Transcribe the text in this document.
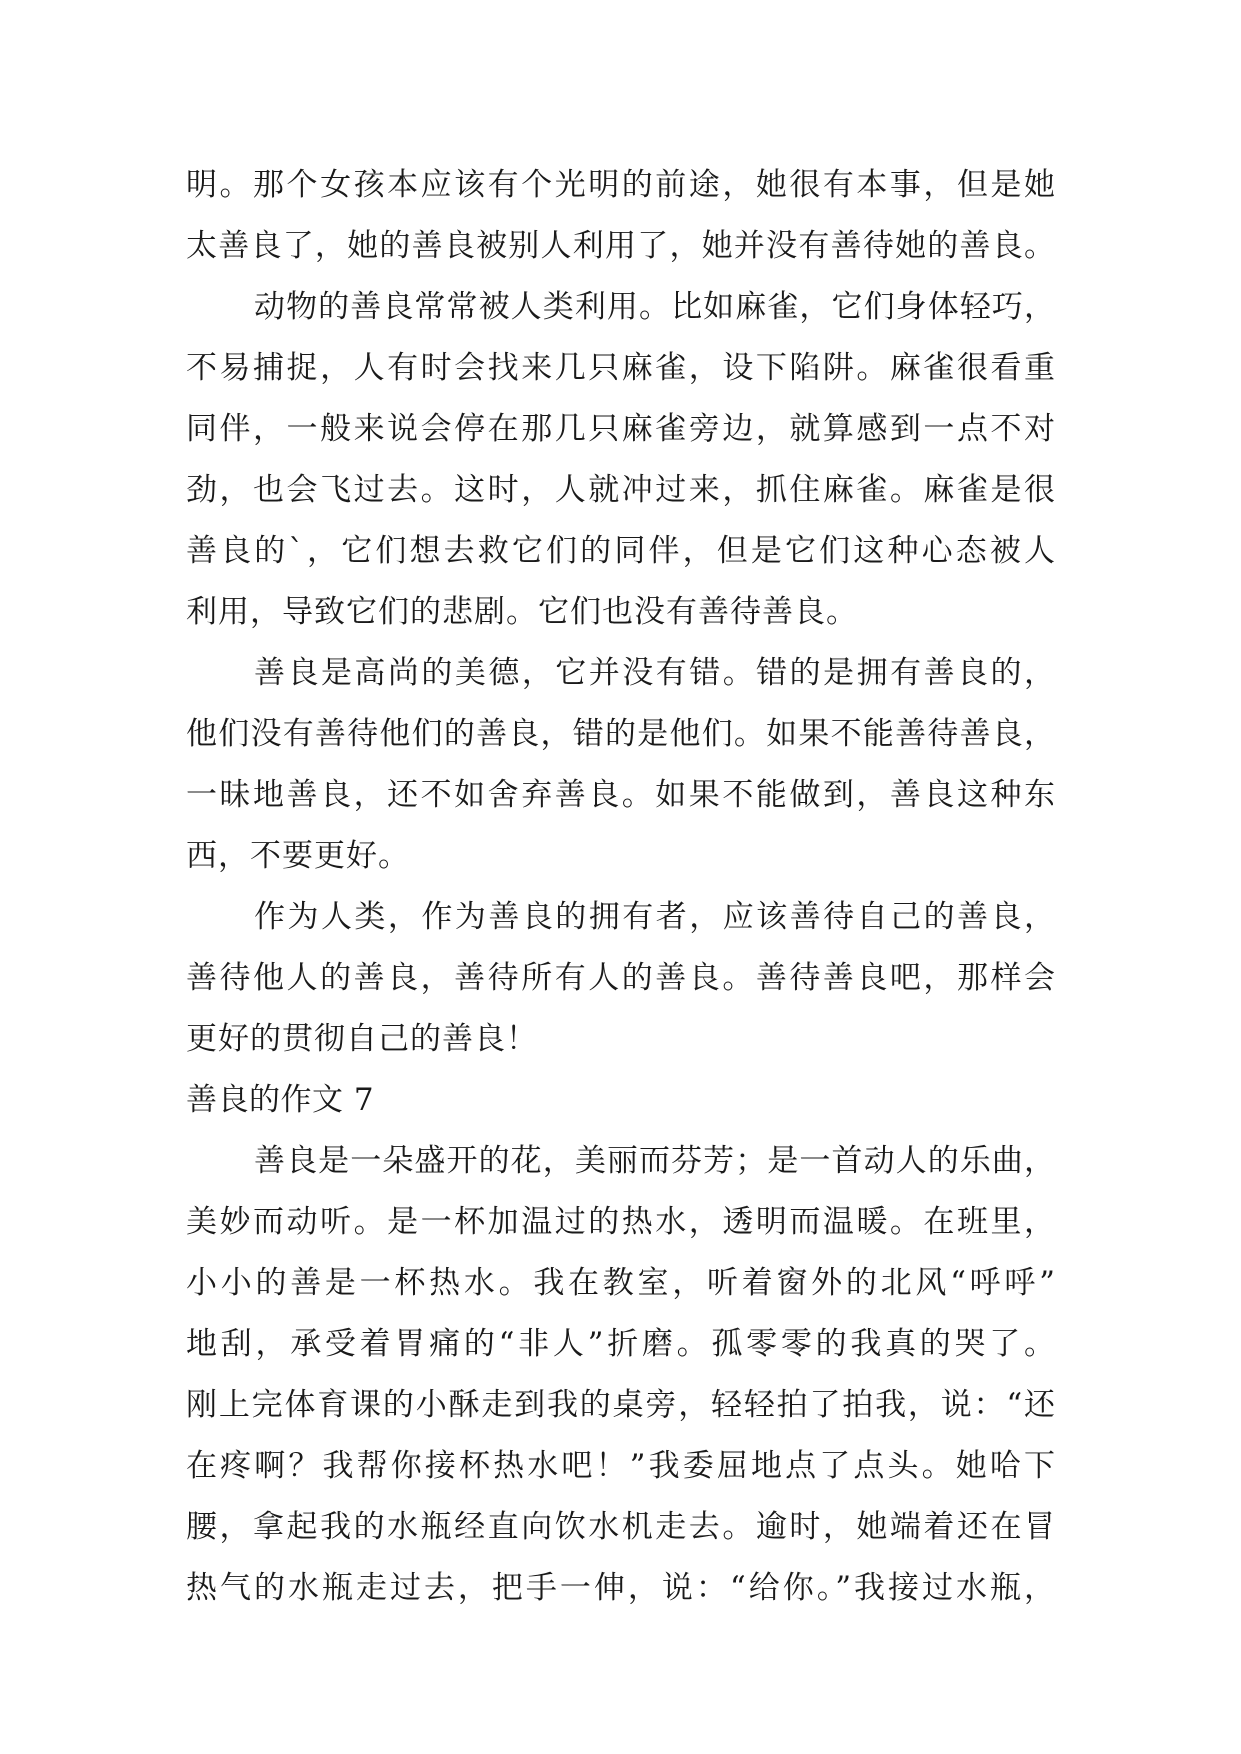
明。那个女孩本应该有个光明的前途，她很有本事，但是她
太善良了，她的善良被别人利用了，她并没有善待她的善良。
动物的善良常常被人类利用。比如麻雀，它们身体轻巧，
不易捕捉，人有时会找来几只麻雀，设下陷阱。麻雀很看重
同伴，一般来说会停在那几只麻雀旁边，就算感到一点不对
劲，也会飞过去。这时，人就冲过来，抓住麻雀。麻雀是很
善良的`，它们想去救它们的同伴，但是它们这种心态被人
利用，导致它们的悲剧。它们也没有善待善良。
善良是高尚的美德，它并没有错。错的是拥有善良的，
他们没有善待他们的善良，错的是他们。如果不能善待善良，
一昧地善良，还不如舍弃善良。如果不能做到，善良这种东
西，不要更好。
作为人类，作为善良的拥有者，应该善待自己的善良，
善待他人的善良，善待所有人的善良。善待善良吧，那样会
更好的贯彻自己的善良！
善良的作文 7
善良是一朵盛开的花，美丽而芬芳；是一首动人的乐曲，
美妙而动听。是一杯加温过的热水，透明而温暖。在班里，
小小的善是一杯热水。我在教室，听着窗外的北风“呼呼”
地刮，承受着胃痛的“非人”折磨。孤零零的我真的哭了。
刚上完体育课的小酥走到我的桌旁，轻轻拍了拍我，说：“还
在疼啊？我帮你接杯热水吧！”我委屈地点了点头。她哈下
腰，拿起我的水瓶经直向饮水机走去。逾时，她端着还在冒
热气的水瓶走过去，把手一伸，说：“给你。”我接过水瓶，
